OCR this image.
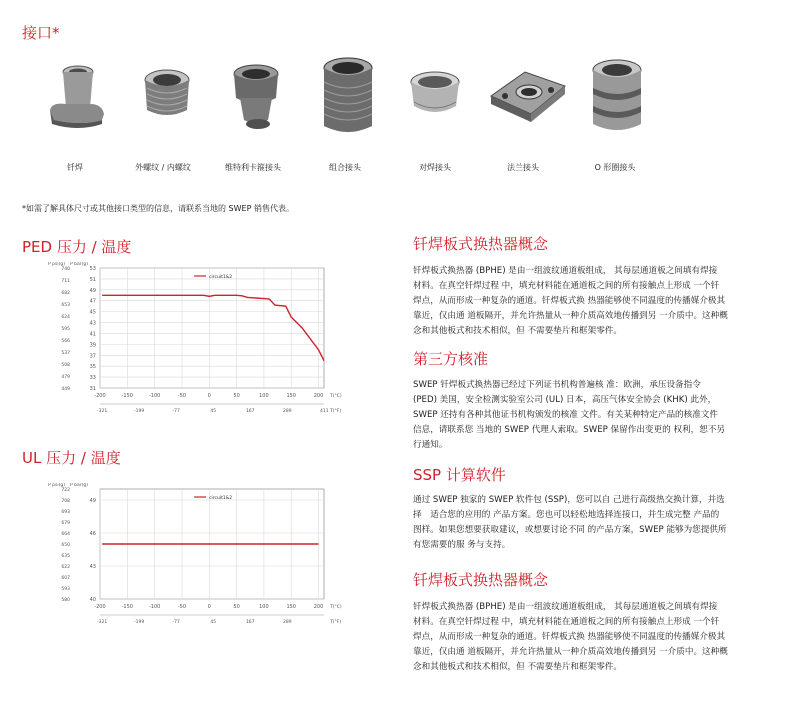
接口*
钎焊	外螺纹 / 内螺纹	维特利卡箍接头	组合接头	对焊接头	法兰接头	O 形圈接头
*如需了解具体尺寸或其他接口类型的信息，请联系当地的 SWEP 销售代表。
PED 压力 / 温度
UL 压力 / 温度
P psi(g) P bar(g)
31
33
35
37
39
41
43
45
47
49
51
53
449
479
508
537
566
595
624
653
682
711
740
-200	-150	-100	-50	0	50	100	150	200 T(°C)
-321	-199	-77	45	167	289	411 T(°F)
circuit1&2
P psi(g) P bar(g)
40
43
46
49
580
593
607
622
635
650
664
679
693
708
722
-200	-150	-100	-50	0	50	100	150	200 T(°C)
-321	-199	-77	45	167	289	T(°F)
circuit1&2
钎焊板式换热器概念
钎焊板式换热器 (BPHE) 是由一组波纹通道板组成， 其每层通道板之间填有焊接
材料。在真空钎焊过程 中，填充材料能在通道板之间的所有接触点上形成 一个钎
焊点，从而形成一种复杂的通道。钎焊板式换 热器能够使不同温度的传播媒介极其
靠近，仅由通 道板隔开，并允许热量从一种介质高效地传播到另 一介质中。这种概
念和其他板式和技术相似，但 不需要垫片和框架零件。
第三方核准
SWEP 钎焊板式换热器已经过下列证书机构普遍核 准：欧洲，承压设备指令
(PED) 美国，安全检测实验室公司 (UL) 日本，高压气体安全协会 (KHK) 此外，
SWEP 还持有各种其他证书机构颁发的核准 文件。有关某种特定产品的核准文件
信息，请联系您 当地的 SWEP 代理人索取。SWEP 保留作出变更的 权利，恕不另
行通知。
SSP 计算软件
通过 SWEP 独家的 SWEP 软件包 (SSP)，您可以自 己进行高级热交换计算，并选
择　适合您的应用的 产品方案。您也可以轻松地选择连接口，并生成完整 产品的
图样。如果您想要获取建议，或想要讨论不同 的产品方案，SWEP 能够为您提供所
有您需要的服 务与支持。
钎焊板式换热器概念
钎焊板式换热器 (BPHE) 是由一组波纹通道板组成， 其每层通道板之间填有焊接
材料。在真空钎焊过程 中，填充材料能在通道板之间的所有接触点上形成 一个钎
焊点，从而形成一种复杂的通道。钎焊板式换 热器能够使不同温度的传播媒介极其
靠近，仅由通 道板隔开，并允许热量从一种介质高效地传播到另 一介质中。这种概
念和其他板式和技术相似，但 不需要垫片和框架零件。
